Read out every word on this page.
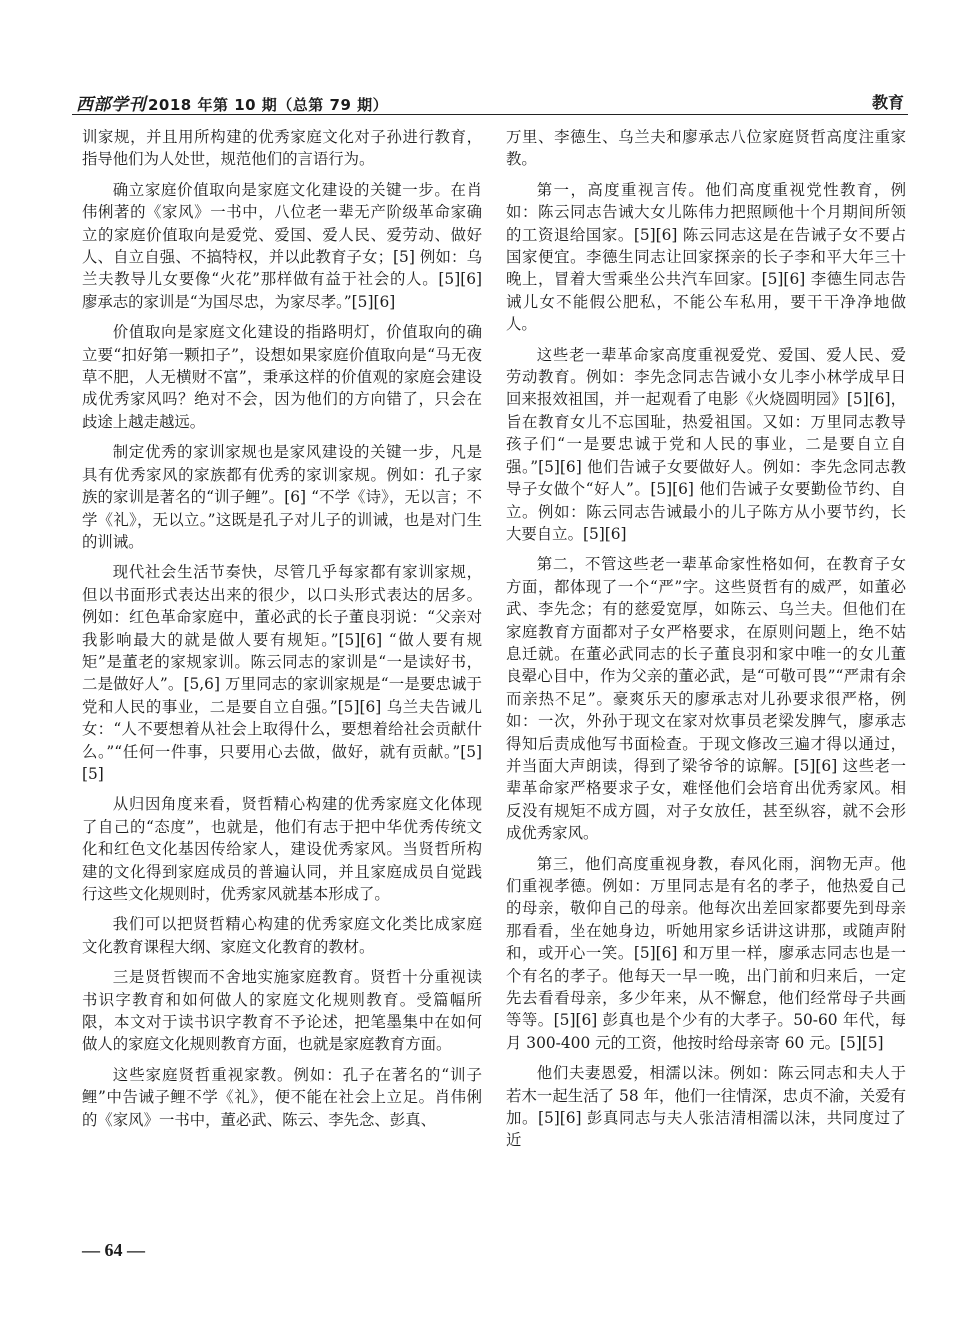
西部学刊 2018 年第 10 期（总第 79 期）	教育

训家规，并且用所构建的优秀家庭文化对子孙进行教育，指导他们为人处世，规范他们的言语行为。

确立家庭价值取向是家庭文化建设的关键一步。在肖伟俐著的《家风》一书中，八位老一辈无产阶级革命家确立的家庭价值取向是爱党、爱国、爱人民、爱劳动、做好人、自立自强、不搞特权，并以此教育子女；[5] 例如：乌兰夫教导儿女要像“火花”那样做有益于社会的人。[5][6] 廖承志的家训是“为国尽忠，为家尽孝。”[5][6]

价值取向是家庭文化建设的指路明灯，价值取向的确立要“扣好第一颗扣子”，设想如果家庭价值取向是“马无夜草不肥，人无横财不富”，秉承这样的价值观的家庭会建设成优秀家风吗？绝对不会，因为他们的方向错了，只会在歧途上越走越远。

制定优秀的家训家规也是家风建设的关键一步，凡是具有优秀家风的家族都有优秀的家训家规。例如：孔子家族的家训是著名的“训子鲤”。[6] “不学《诗》，无以言；不学《礼》，无以立。”这既是孔子对儿子的训诫，也是对门生的训诫。

现代社会生活节奏快，尽管几乎每家都有家训家规，但以书面形式表达出来的很少，以口头形式表达的居多。例如：红色革命家庭中，董必武的长子董良羽说：“父亲对我影响最大的就是做人要有规矩。”[5][6] “做人要有规矩”是董老的家规家训。陈云同志的家训是“一是读好书，二是做好人”。[5,6] 万里同志的家训家规是“一是要忠诚于党和人民的事业，二是要自立自强。”[5][6] 乌兰夫告诫儿女：“人不要想着从社会上取得什么，要想着给社会贡献什么。”“任何一件事，只要用心去做，做好，就有贡献。”[5][5]

从归因角度来看，贤哲精心构建的优秀家庭文化体现了自己的“态度”，也就是，他们有志于把中华优秀传统文化和红色文化基因传给家人，建设优秀家风。当贤哲所构建的文化得到家庭成员的普遍认同，并且家庭成员自觉践行这些文化规则时，优秀家风就基本形成了。

我们可以把贤哲精心构建的优秀家庭文化类比成家庭文化教育课程大纲、家庭文化教育的教材。

三是贤哲锲而不舍地实施家庭教育。贤哲十分重视读书识字教育和如何做人的家庭文化规则教育。受篇幅所限，本文对于读书识字教育不予论述，把笔墨集中在如何做人的家庭文化规则教育方面，也就是家庭教育方面。

这些家庭贤哲重视家教。例如：孔子在著名的“训子鲤”中告诫子鲤不学《礼》，便不能在社会上立足。肖伟俐的《家风》一书中，董必武、陈云、李先念、彭真、

万里、李德生、乌兰夫和廖承志八位家庭贤哲高度注重家教。

第一，高度重视言传。他们高度重视党性教育，例如：陈云同志告诫大女儿陈伟力把照顾他十个月期间所领的工资退给国家。[5][6] 陈云同志这是在告诫子女不要占国家便宜。李德生同志让回家探亲的长子李和平大年三十晚上，冒着大雪乘坐公共汽车回家。[5][6] 李德生同志告诫儿女不能假公肥私，不能公车私用，要干干净净地做人。

这些老一辈革命家高度重视爱党、爱国、爱人民、爱劳动教育。例如：李先念同志告诫小女儿李小林学成早日回来报效祖国，并一起观看了电影《火烧圆明园》[5][6]，旨在教育女儿不忘国耻，热爱祖国。又如：万里同志教导孩子们“一是要忠诚于党和人民的事业，二是要自立自强。”[5][6] 他们告诫子女要做好人。例如：李先念同志教导子女做个“好人”。[5][6] 他们告诫子女要勤俭节约、自立。例如：陈云同志告诫最小的儿子陈方从小要节约，长大要自立。[5][6]

第二，不管这些老一辈革命家性格如何，在教育子女方面，都体现了一个“严”字。这些贤哲有的威严，如董必武、李先念；有的慈爱宽厚，如陈云、乌兰夫。但他们在家庭教育方面都对子女严格要求，在原则问题上，绝不姑息迁就。在董必武同志的长子董良羽和家中唯一的女儿董良翚心目中，作为父亲的董必武，是“可敬可畏”“严肃有余而亲热不足”。豪爽乐天的廖承志对儿孙要求很严格，例如：一次，外孙于现文在家对炊事员老梁发脾气，廖承志得知后责成他写书面检查。于现文修改三遍才得以通过，并当面大声朗读，得到了梁爷爷的谅解。[5][6] 这些老一辈革命家严格要求子女，难怪他们会培育出优秀家风。相反没有规矩不成方圆，对子女放任，甚至纵容，就不会形成优秀家风。

第三，他们高度重视身教，春风化雨，润物无声。他们重视孝德。例如：万里同志是有名的孝子，他热爱自己的母亲，敬仰自己的母亲。他每次出差回家都要先到母亲那看看，坐在她身边，听她用家乡话讲这讲那，或随声附和，或开心一笑。[5][6] 和万里一样，廖承志同志也是一个有名的孝子。他每天一早一晚，出门前和归来后，一定先去看看母亲，多少年来，从不懈怠，他们经常母子共画等等。[5][6] 彭真也是个少有的大孝子。50-60 年代，每月 300-400 元的工资，他按时给母亲寄 60 元。[5][5]

他们夫妻恩爱，相濡以沫。例如：陈云同志和夫人于若木一起生活了 58 年，他们一往情深，忠贞不渝，关爱有加。[5][6] 彭真同志与夫人张洁清相濡以沫，共同度过了近

— 64 —
